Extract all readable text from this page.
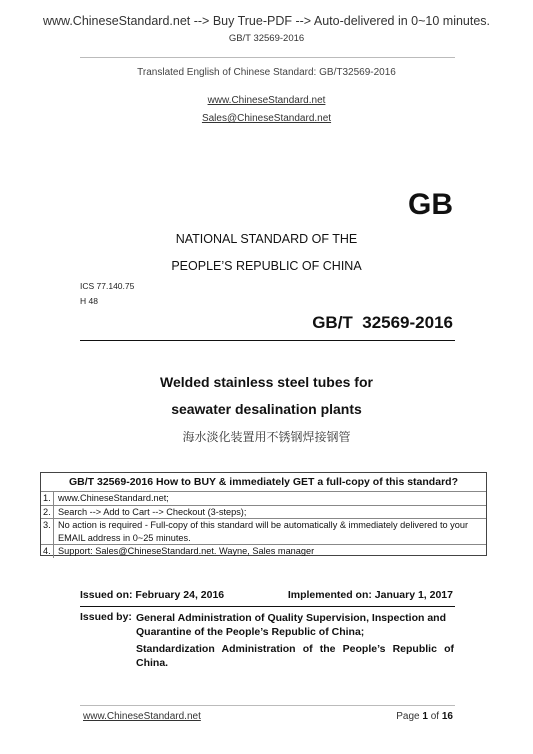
www.ChineseStandard.net --> Buy True-PDF --> Auto-delivered in 0~10 minutes.
GB/T 32569-2016
Translated English of Chinese Standard: GB/T32569-2016
www.ChineseStandard.net
Sales@ChineseStandard.net
GB
NATIONAL STANDARD OF THE
PEOPLE’S REPUBLIC OF CHINA
ICS 77.140.75
H 48
GB/T  32569-2016
Welded stainless steel tubes for
seawater desalination plants
海水淡化装置用不锈钢焊接钢管
GB/T 32569-2016 How to BUY & immediately GET a full-copy of this standard?
1. www.ChineseStandard.net;
2. Search --> Add to Cart --> Checkout (3-steps);
3. No action is required - Full-copy of this standard will be automatically & immediately delivered to your EMAIL address in 0~25 minutes.
4. Support: Sales@ChineseStandard.net. Wayne, Sales manager
Issued on: February 24, 2016	Implemented on: January 1, 2017
Issued by: General Administration of Quality Supervision, Inspection and Quarantine of the People’s Republic of China;
Standardization Administration of the People’s Republic of China.
www.ChineseStandard.net	Page 1 of 16
